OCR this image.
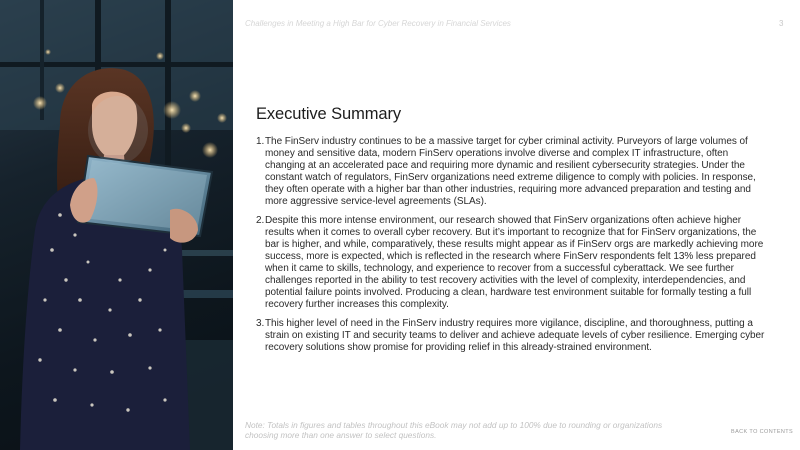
Challenges in Meeting a High Bar for Cyber Recovery in Financial Services	3
Executive Summary
1. The FinServ industry continues to be a massive target for cyber criminal activity. Purveyors of large volumes of money and sensitive data, modern FinServ operations involve diverse and complex IT infrastructure, often changing at an accelerated pace and requiring more dynamic and resilient cybersecurity strategies. Under the constant watch of regulators, FinServ organizations need extreme diligence to comply with policies. In response, they often operate with a higher bar than other industries, requiring more advanced preparation and testing and more aggressive service-level agreements (SLAs).
2. Despite this more intense environment, our research showed that FinServ organizations often achieve higher results when it comes to overall cyber recovery. But it’s important to recognize that for FinServ organizations, the bar is higher, and while, comparatively, these results might appear as if FinServ orgs are markedly achieving more success, more is expected, which is reflected in the research where FinServ respondents felt 13% less prepared when it came to skills, technology, and experience to recover from a successful cyberattack. We see further challenges reported in the ability to test recovery activities with the level of complexity, interdependencies, and potential failure points involved. Producing a clean, hardware test environment suitable for formally testing a full recovery further increases this complexity.
3. This higher level of need in the FinServ industry requires more vigilance, discipline, and thoroughness, putting a strain on existing IT and security teams to deliver and achieve adequate levels of cyber resilience. Emerging cyber recovery solutions show promise for providing relief in this already-strained environment.
Note: Totals in figures and tables throughout this eBook may not add up to 100% due to rounding or organizations choosing more than one answer to select questions.	BACK TO CONTENTS
